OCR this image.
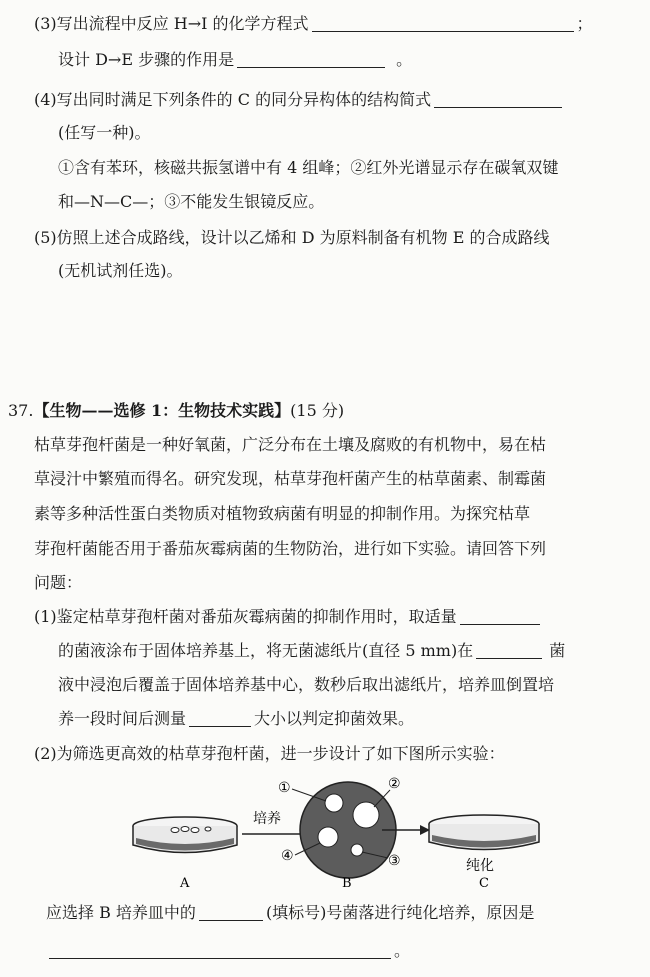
(3)写出流程中反应 H→I 的化学方程式	；
设计 D→E 步骤的作用是	。
(4)写出同时满足下列条件的 C 的同分异构体的结构简式
(任写一种)。
①含有苯环，核磁共振氢谱中有 4 组峰；②红外光谱显示存在碳氧双键
和—N—C—；③不能发生银镜反应。
(5)仿照上述合成路线，设计以乙烯和 D 为原料制备有机物 E 的合成路线
(无机试剂任选)。
37.【生物——选修 1：生物技术实践】(15 分)
枯草芽孢杆菌是一种好氧菌，广泛分布在土壤及腐败的有机物中，易在枯
草浸汁中繁殖而得名。研究发现，枯草芽孢杆菌产生的枯草菌素、制霉菌
素等多种活性蛋白类物质对植物致病菌有明显的抑制作用。为探究枯草
芽孢杆菌能否用于番茄灰霉病菌的生物防治，进行如下实验。请回答下列
问题：
(1)鉴定枯草芽孢杆菌对番茄灰霉病菌的抑制作用时，取适量
的菌液涂布于固体培养基上，将无菌滤纸片(直径 5 mm)在	菌
液中浸泡后覆盖于固体培养基中心，数秒后取出滤纸片，培养皿倒置培
养一段时间后测量	大小以判定抑菌效果。
(2)为筛选更高效的枯草芽孢杆菌，进一步设计了如下图所示实验：
培养
①	②
③
④
纯化
A	B	C
应选择 B 培养皿中的	(填标号)号菌落进行纯化培养，原因是
。
